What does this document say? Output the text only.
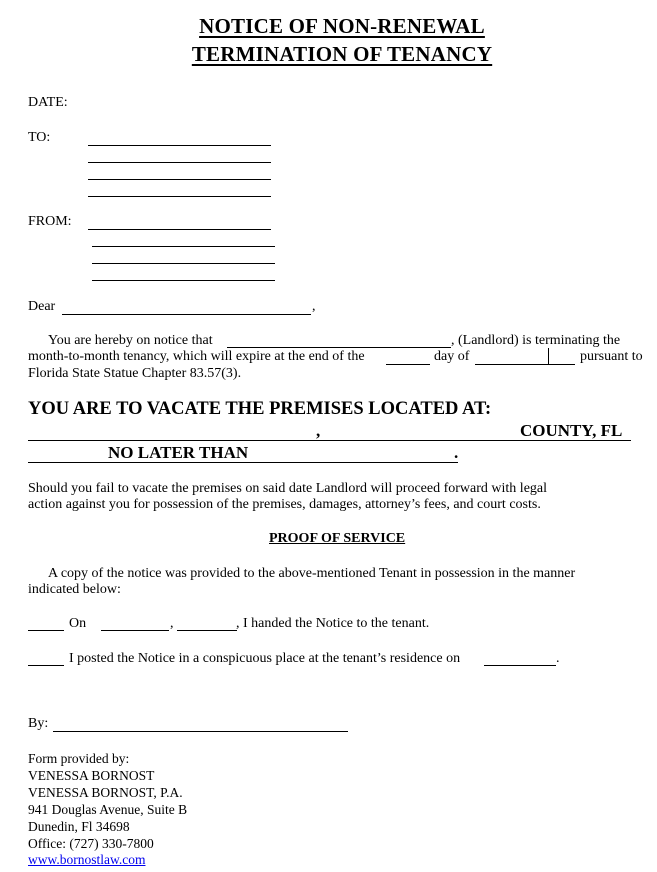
NOTICE OF NON-RENEWAL
TERMINATION OF TENANCY
DATE:
TO:
FROM:
Dear	,
You are hereby on notice that	, (Landlord) is terminating the
month-to-month tenancy, which will expire at the end of the	day of	pursuant to
Florida State Statue Chapter 83.57(3).
YOU ARE TO VACATE THE PREMISES LOCATED AT:
,	COUNTY, FL
NO LATER THAN	.
Should you fail to vacate the premises on said date Landlord will proceed forward with legal
action against you for possession of the premises, damages, attorney’s fees, and court costs.
PROOF OF SERVICE
A copy of the notice was provided to the above-mentioned Tenant in possession in the manner
indicated below:
On	,	, I handed the Notice to the tenant.
I posted the Notice in a conspicuous place at the tenant’s residence on	.
By:
Form provided by:
VENESSA BORNOST
VENESSA BORNOST, P.A.
941 Douglas Avenue, Suite B
Dunedin, Fl 34698
Office: (727) 330-7800
www.bornostlaw.com
